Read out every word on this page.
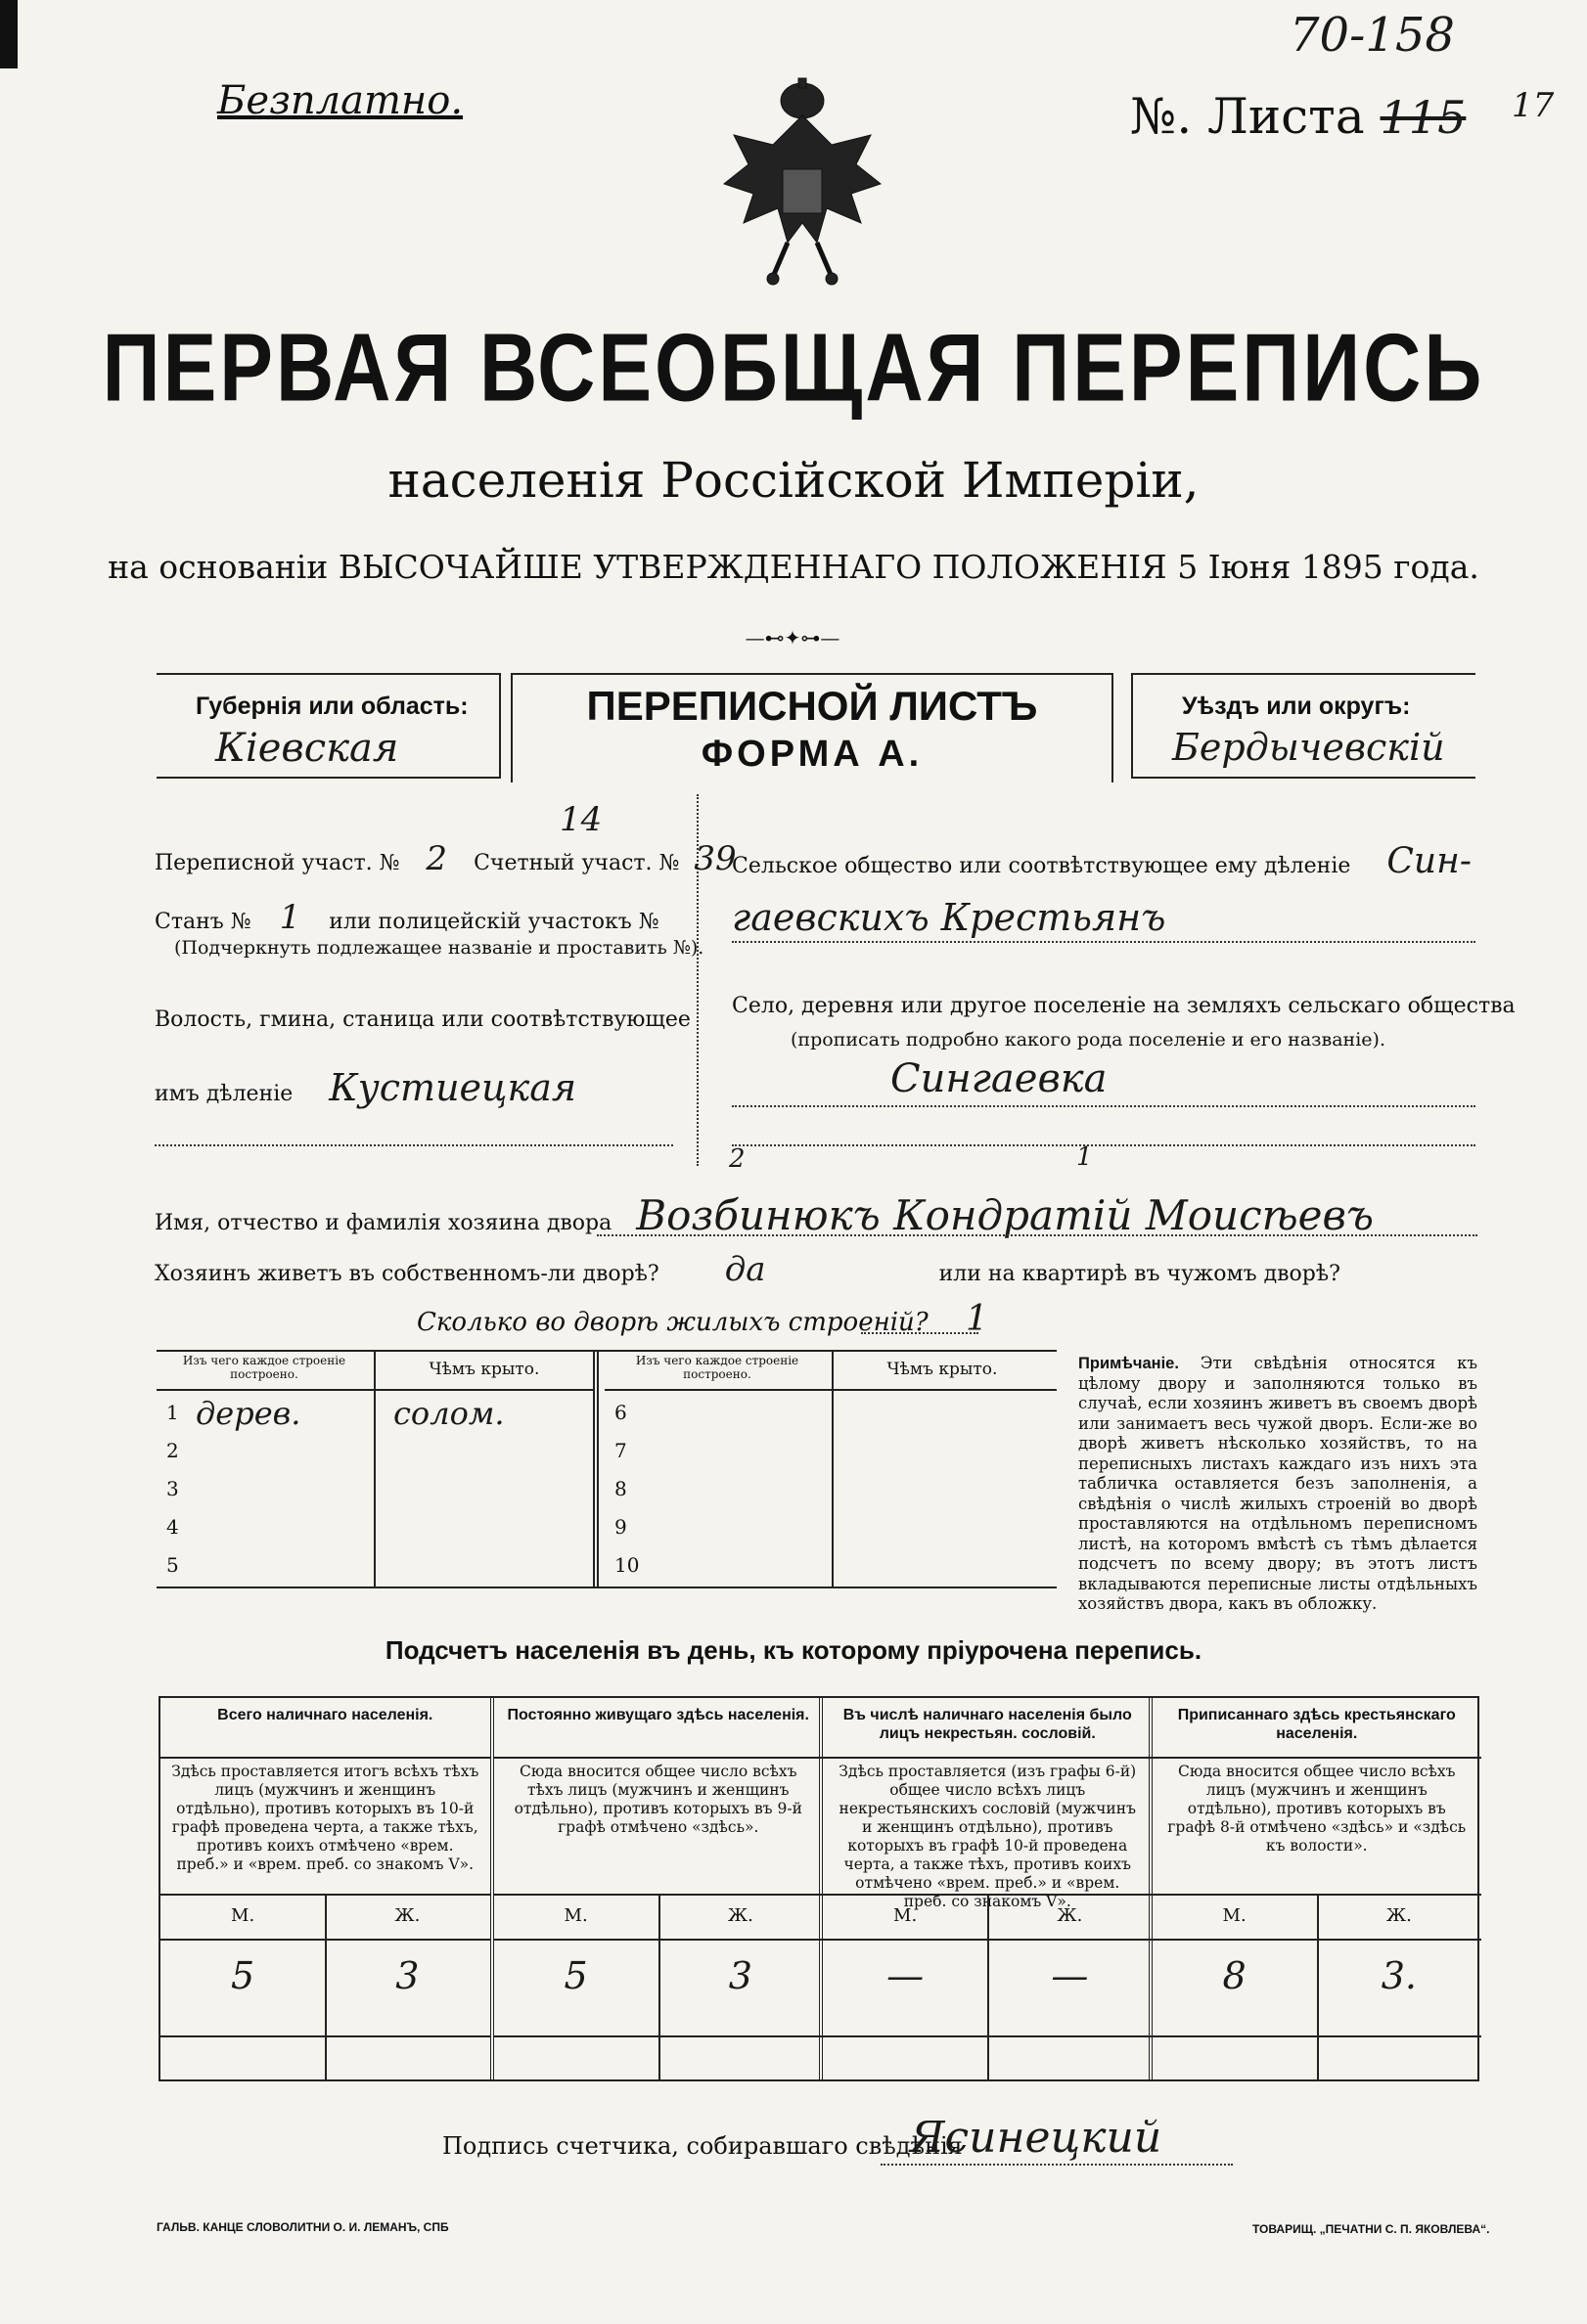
Безплатно.	№. Листа 115
70-158
17
ПЕРВАЯ ВСЕОБЩАЯ ПЕРЕПИСЬ
населенія Россійской Имперіи,
на основаніи ВЫСОЧАЙШЕ УТВЕРЖДЕННАГО ПОЛОЖЕНІЯ 5 Іюня 1895 года.
—⊷✦⊶—
Губернія или область:
Кіевская
ПЕРЕПИСНОЙ ЛИСТЪ
ФОРМА А.
Уѣздъ или округъ:
Бердычевскій
Переписной участ. № 2 Счетный участ. № 39
14
Станъ № 1 или полицейскій участокъ №
(Подчеркнуть подлежащее названіе и проставить №).
Волость, гмина, станица или соотвѣтствующее
имъ дѣленіе Кустиецкая
Сельское общество или соотвѣтствующее ему дѣленіе Син-
гаевскихъ Крестьянъ
Село, деревня или другое поселеніе на земляхъ сельскаго общества
(прописать подробно какого рода поселеніе и его названіе).
Сингаевка
2	1
Имя, отчество и фамилія хозяина двора Возбинюкъ Кондратій Моисѣевъ
Хозяинъ живетъ въ собственномъ-ли дворѣ? да	или на квартирѣ въ чужомъ дворѣ?
Сколько во дворѣ жилыхъ строеній? 1
Изъ чего каждое строеніе построено.	Чѣмъ крыто.
1 дерев.	солом.
2
3
4
5
Изъ чего каждое строеніе построено.	Чѣмъ крыто.
6
7
8
9
10
Примѣчаніе. Эти свѣдѣнія относятся къ цѣлому двору и заполняются только въ случаѣ, если хозяинъ живетъ въ своемъ дворѣ или занимаетъ весь чужой дворъ. Если-же во дворѣ живетъ нѣсколько хозяйствъ, то на переписныхъ листахъ каждаго изъ нихъ эта табличка оставляется безъ заполненія, а свѣдѣнія о числѣ жилыхъ строеній во дворѣ проставляются на отдѣльномъ переписномъ листѣ, на которомъ вмѣстѣ съ тѣмъ дѣлается подсчетъ по всему двору; въ этотъ листъ вкладываются переписные листы отдѣльныхъ хозяйствъ двора, какъ въ обложку.
Подсчетъ населенія въ день, къ которому пріурочена перепись.
Всего наличнаго населенія.
Здѣсь проставляется итогъ всѣхъ тѣхъ лицъ (мужчинъ и женщинъ отдѣльно), противъ которыхъ въ 10-й графѣ проведена черта, а также тѣхъ, противъ коихъ отмѣчено «врем. преб.» и «врем. преб. со знакомъ V».
М.	Ж.
5	3
Постоянно живущаго здѣсь населенія.
Сюда вносится общее число всѣхъ тѣхъ лицъ (мужчинъ и женщинъ отдѣльно), противъ которыхъ въ 9-й графѣ отмѣчено «здѣсь».
М.	Ж.
5	3
Въ числѣ наличнаго населенія было лицъ некрестьян. сословій.
Здѣсь проставляется (изъ графы 6-й) общее число всѣхъ лицъ некрестьянскихъ сословій (мужчинъ и женщинъ отдѣльно), противъ которыхъ въ графѣ 10-й проведена черта, а также тѣхъ, противъ коихъ отмѣчено «врем. преб.» и «врем. преб. со знакомъ V».
М.	Ж.
—	—
Приписаннаго здѣсь крестьянскаго населенія.
Сюда вносится общее число всѣхъ лицъ (мужчинъ и женщинъ отдѣльно), противъ которыхъ въ графѣ 8-й отмѣчено «здѣсь» и «здѣсь къ волости».
М.	Ж.
8	3.
Подпись счетчика, собиравшаго свѣдѣнія
Ясинецкий
ГАЛЬВ. КАНЦЕ СЛОВОЛИТНИ О. И. ЛЕМАНЪ, СПБ	ТОВАРИЩ. „ПЕЧАТНИ С. П. ЯКОВЛЕВА“.
